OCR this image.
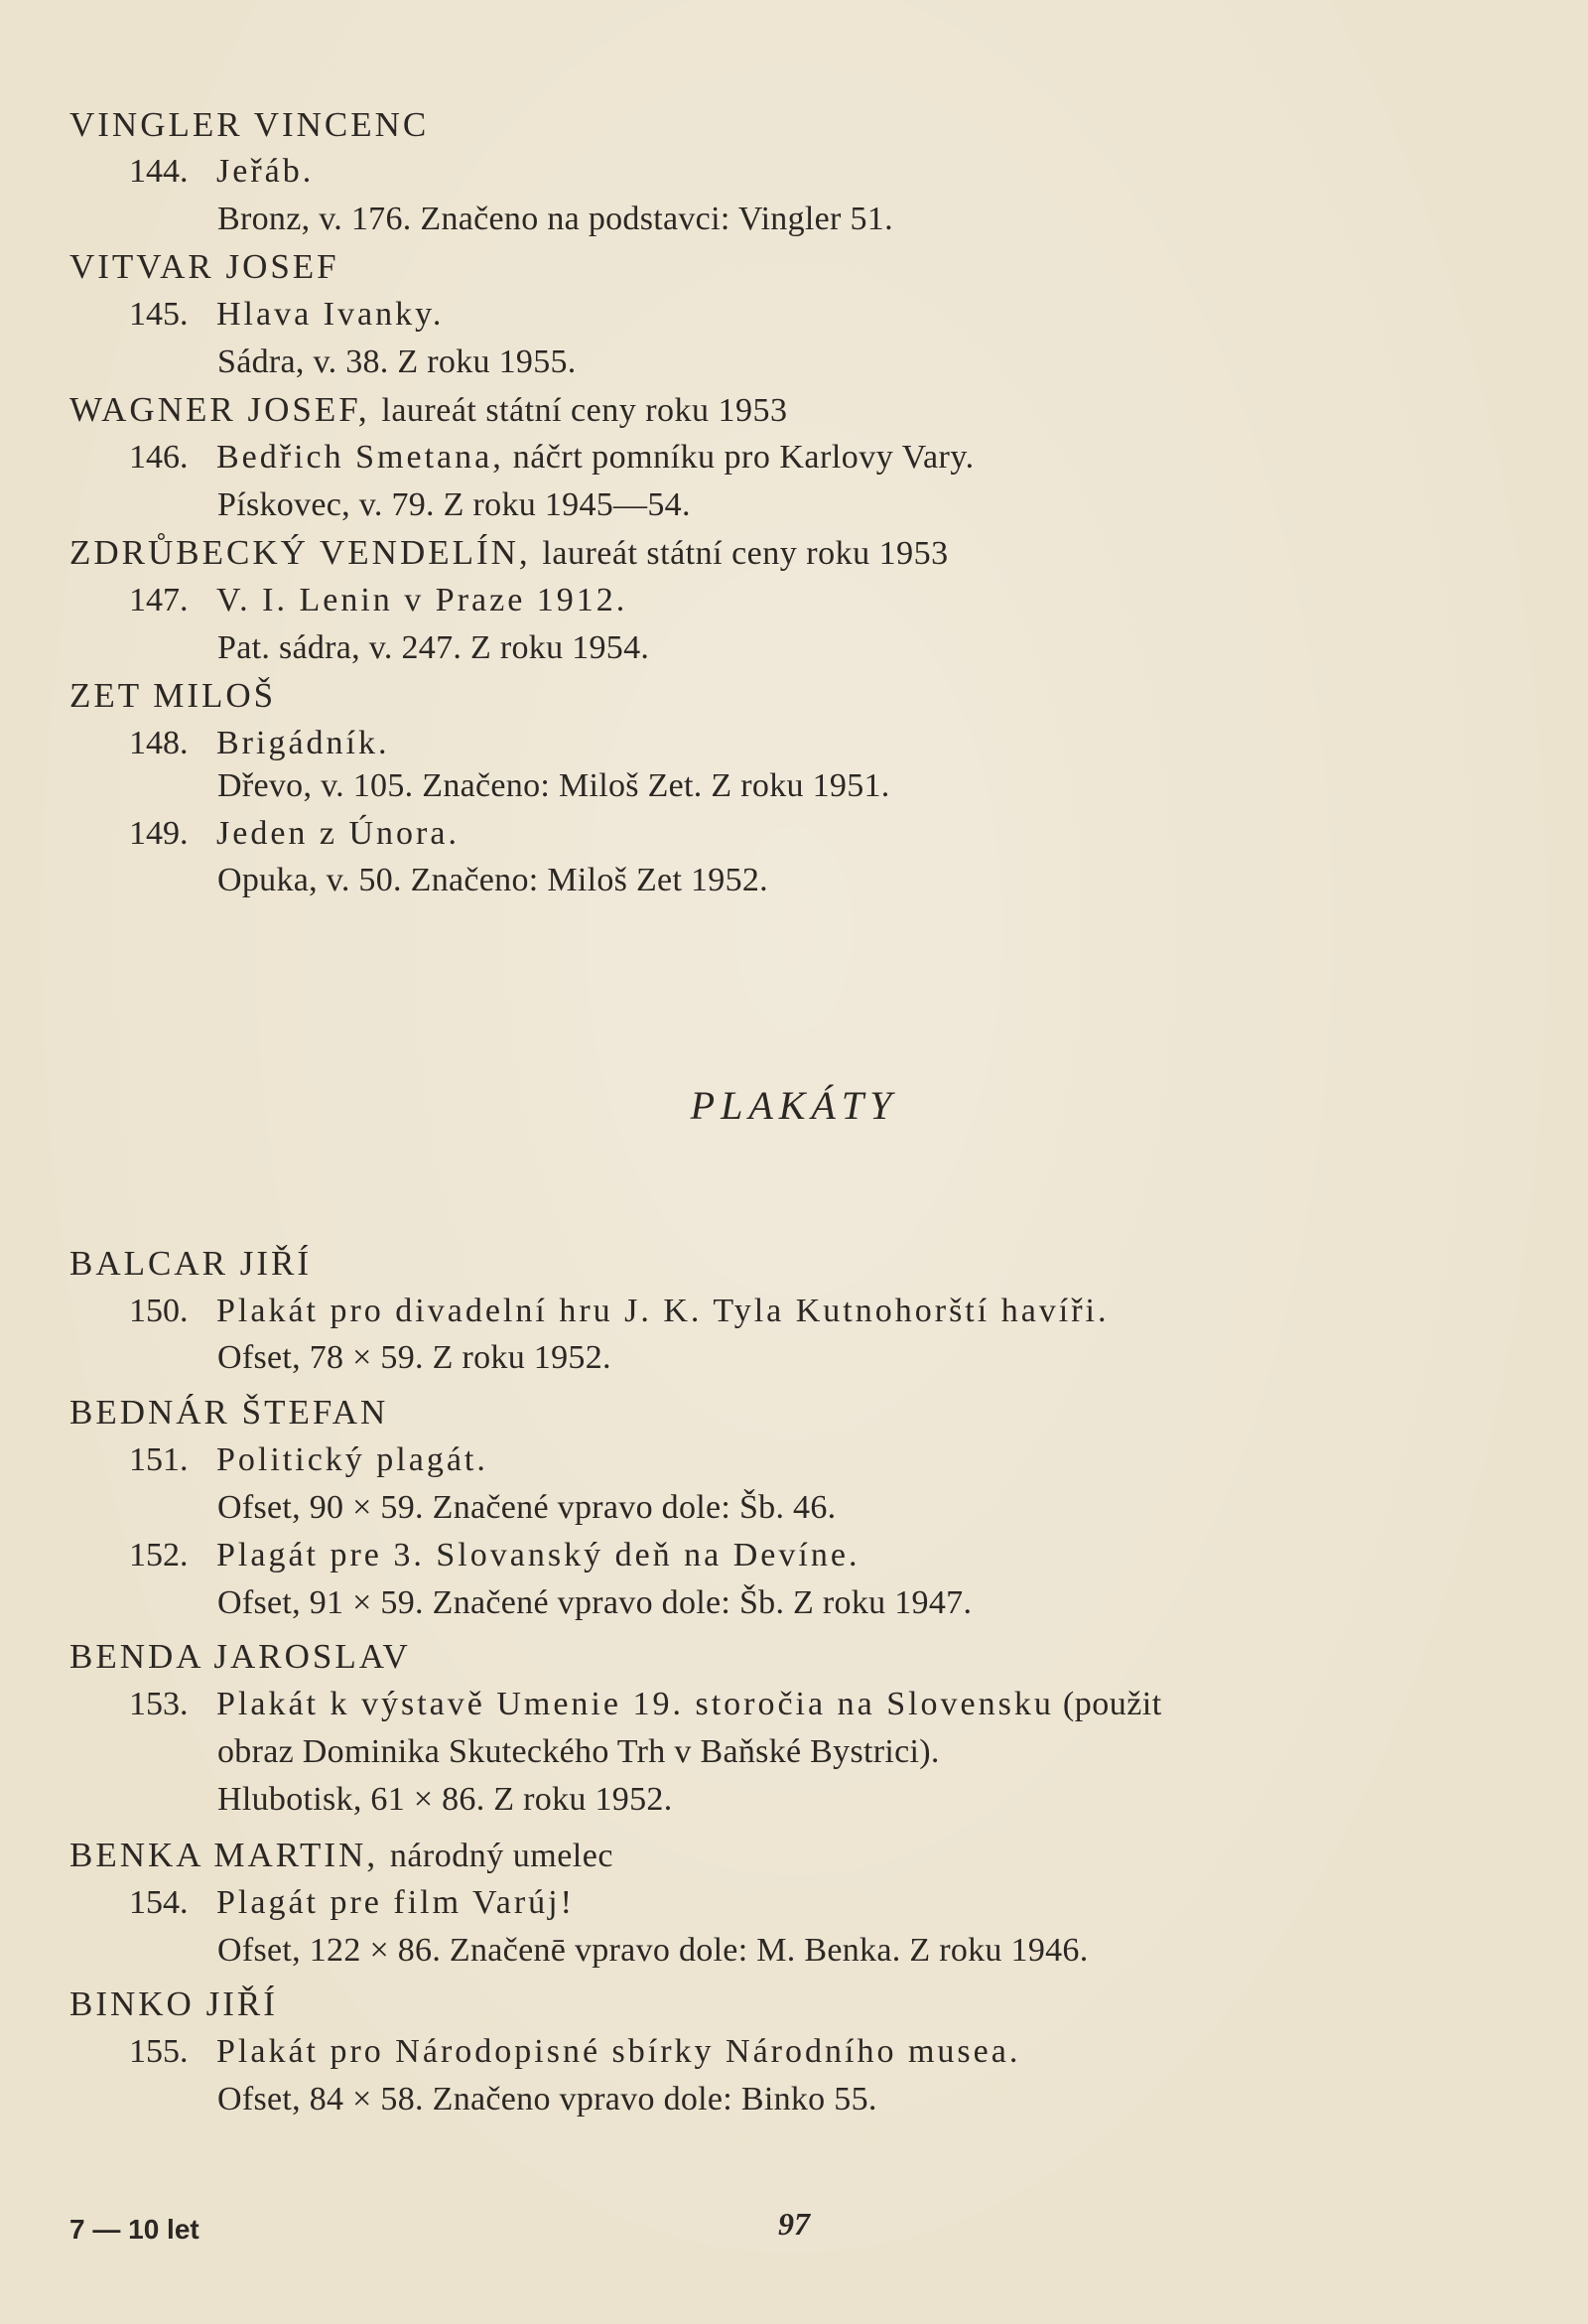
VINGLER VINCENC
144. Jeřáb.
Bronz, v. 176. Značeno na podstavci: Vingler 51.
VITVAR JOSEF
145. Hlava Ivanky.
Sádra, v. 38. Z roku 1955.
WAGNER JOSEF, laureát státní ceny roku 1953
146. Bedřich Smetana, náčrt pomníku pro Karlovy Vary.
Pískovec, v. 79. Z roku 1945—54.
ZDRŮBECKÝ VENDELÍN, laureát státní ceny roku 1953
147. V. I. Lenin v Praze 1912.
Pat. sádra, v. 247. Z roku 1954.
ZET MILOŠ
148. Brigádník.
Dřevo, v. 105. Značeno: Miloš Zet. Z roku 1951.
149. Jeden z Února.
Opuka, v. 50. Značeno: Miloš Zet 1952.
PLAKÁTY
BALCAR JIŘÍ
150. Plakát pro divadelní hru J. K. Tyla Kutnohorští havíři.
Ofset, 78 × 59. Z roku 1952.
BEDNÁR ŠTEFAN
151. Politický plagát.
Ofset, 90 × 59. Značené vpravo dole: Šb. 46.
152. Plagát pre 3. Slovanský deň na Devíne.
Ofset, 91 × 59. Značené vpravo dole: Šb. Z roku 1947.
BENDA JAROSLAV
153. Plakát k výstavě Umenie 19. storočia na Slovensku (použit
obraz Dominika Skuteckého Trh v Baňské Bystrici).
Hlubotisk, 61 × 86. Z roku 1952.
BENKA MARTIN, národný umelec
154. Plagát pre film Varúj!
Ofset, 122 × 86. Značenē vpravo dole: M. Benka. Z roku 1946.
BINKO JIŘÍ
155. Plakát pro Národopisné sbírky Národního musea.
Ofset, 84 × 58. Značeno vpravo dole: Binko 55.
7 — 10 let	97
